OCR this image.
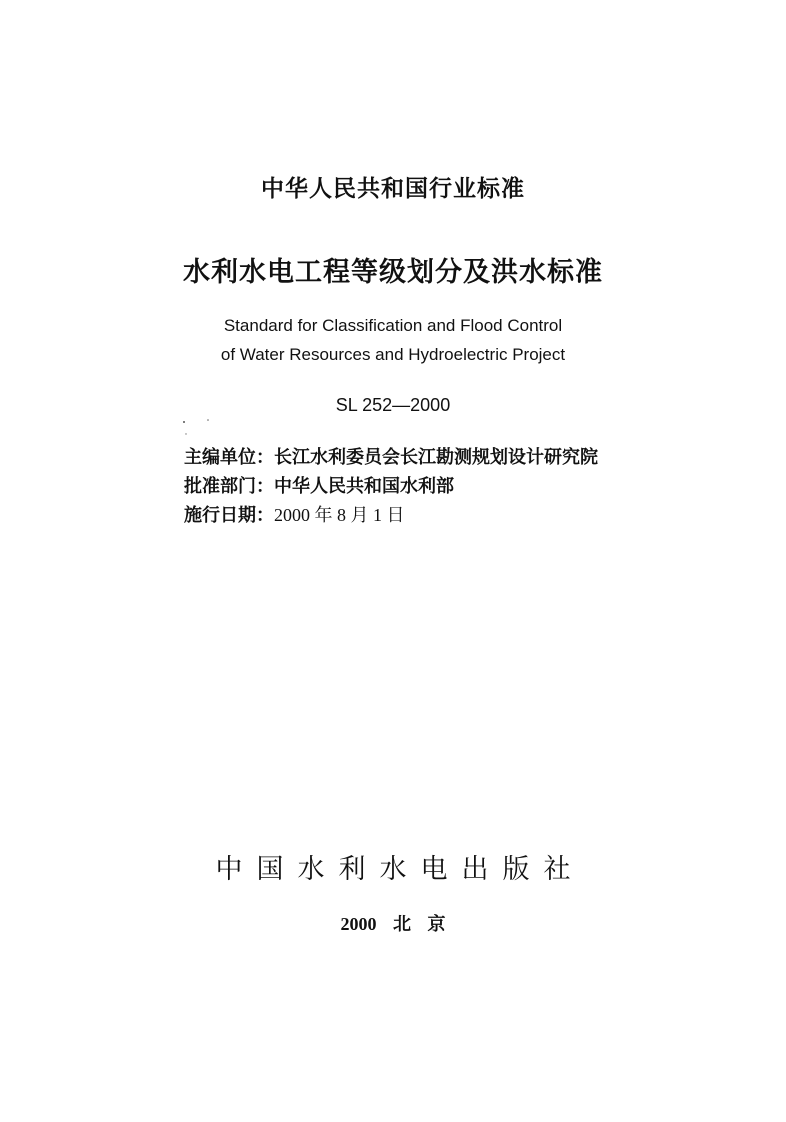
中华人民共和国行业标准
水利水电工程等级划分及洪水标准
Standard for Classification and Flood Control
of Water Resources and Hydroelectric Project
SL 252—2000
主编单位：长江水利委员会长江勘测规划设计研究院
批准部门：中华人民共和国水利部
施行日期：2000 年 8 月 1 日
中国水利水电出版社
2000 北 京
